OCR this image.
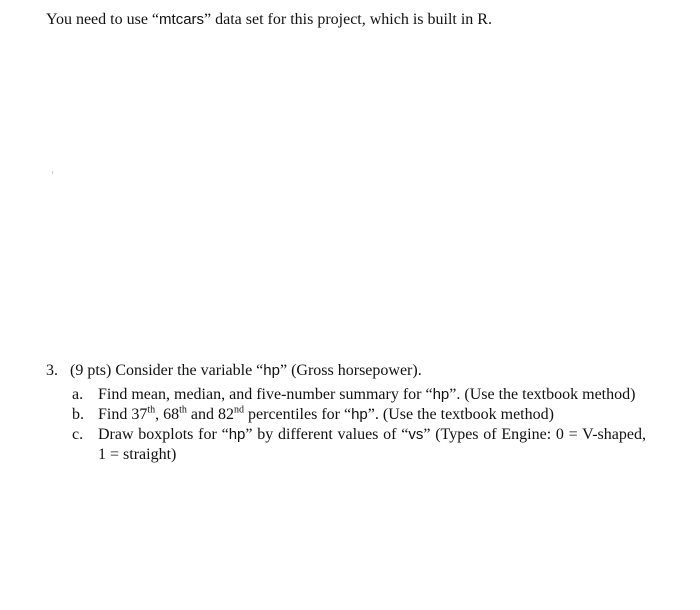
You need to use “mtcars” data set for this project, which is built in R.
3. (9 pts) Consider the variable “hp” (Gross horsepower).
a. Find mean, median, and five-number summary for “hp”. (Use the textbook method)
b. Find 37th, 68th and 82nd percentiles for “hp”. (Use the textbook method)
c. Draw boxplots for “hp” by different values of “vs” (Types of Engine: 0 = V-shaped, 1 = straight)
